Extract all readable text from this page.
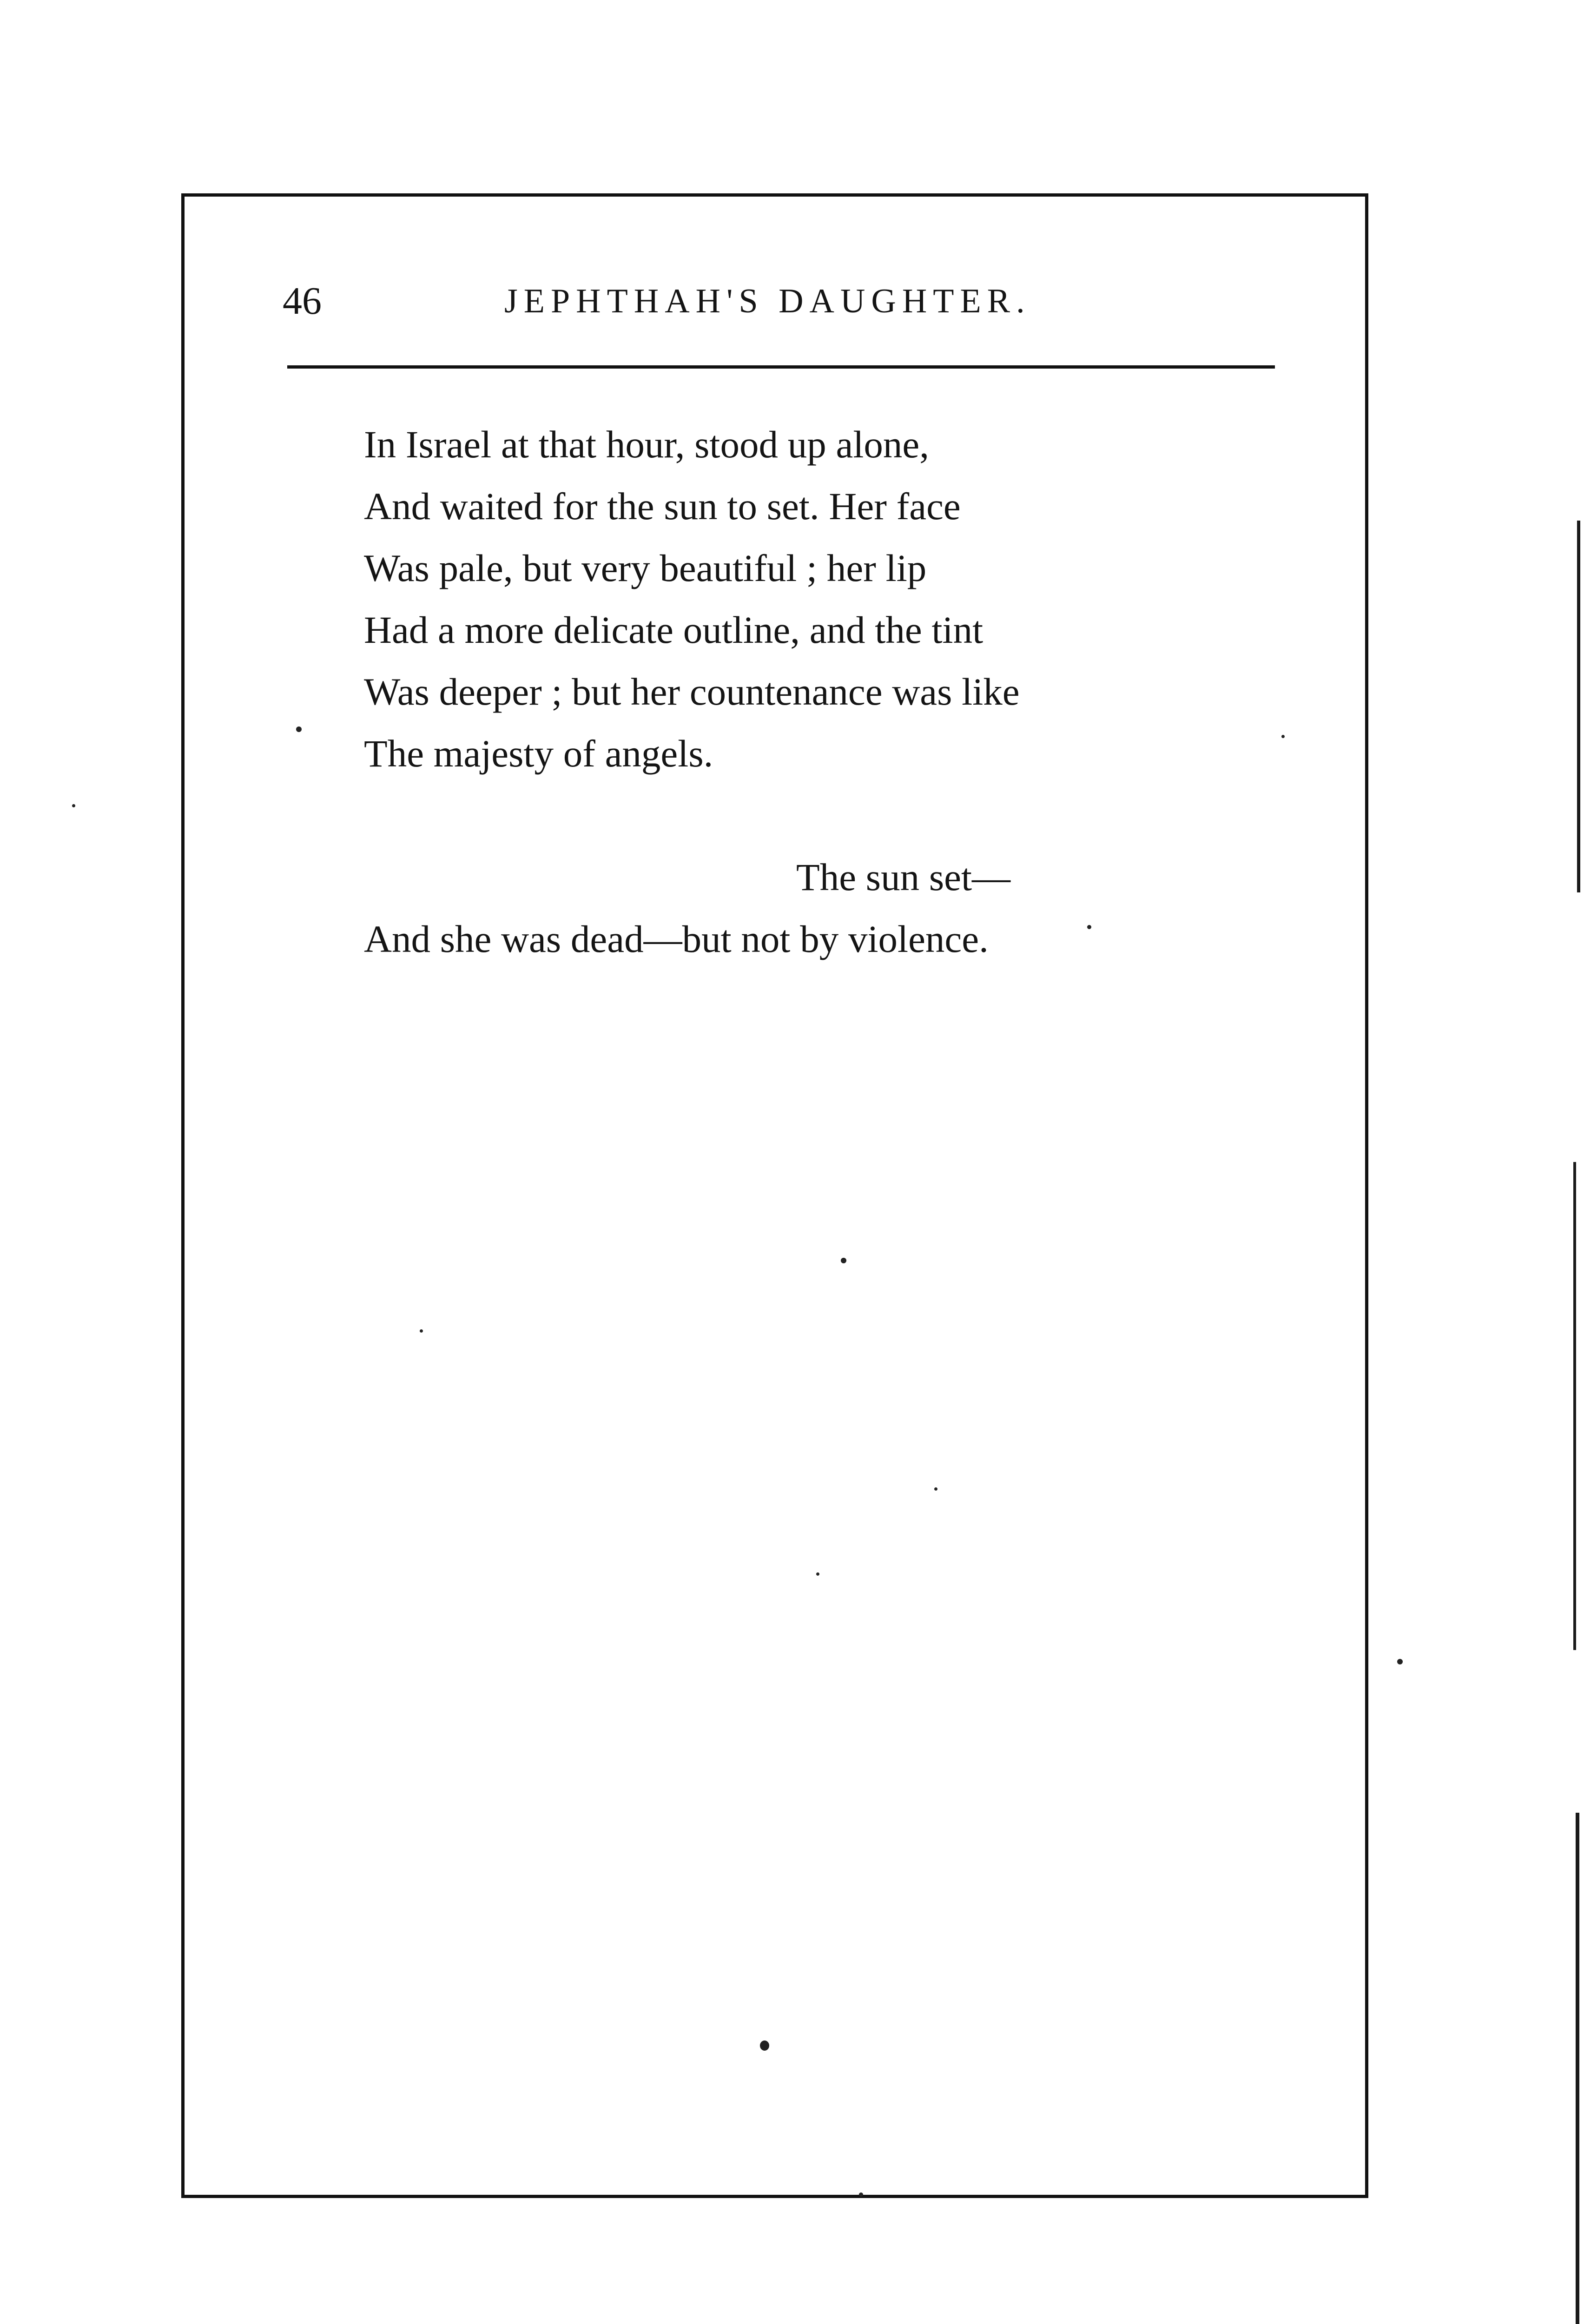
46	JEPHTHAH'S DAUGHTER.
In Israel at that hour, stood up alone,
And waited for the sun to set. Her face
Was pale, but very beautiful ; her lip
Had a more delicate outline, and the tint
Was deeper ; but her countenance was like
The majesty of angels.
The sun set—
And she was dead—but not by violence.
